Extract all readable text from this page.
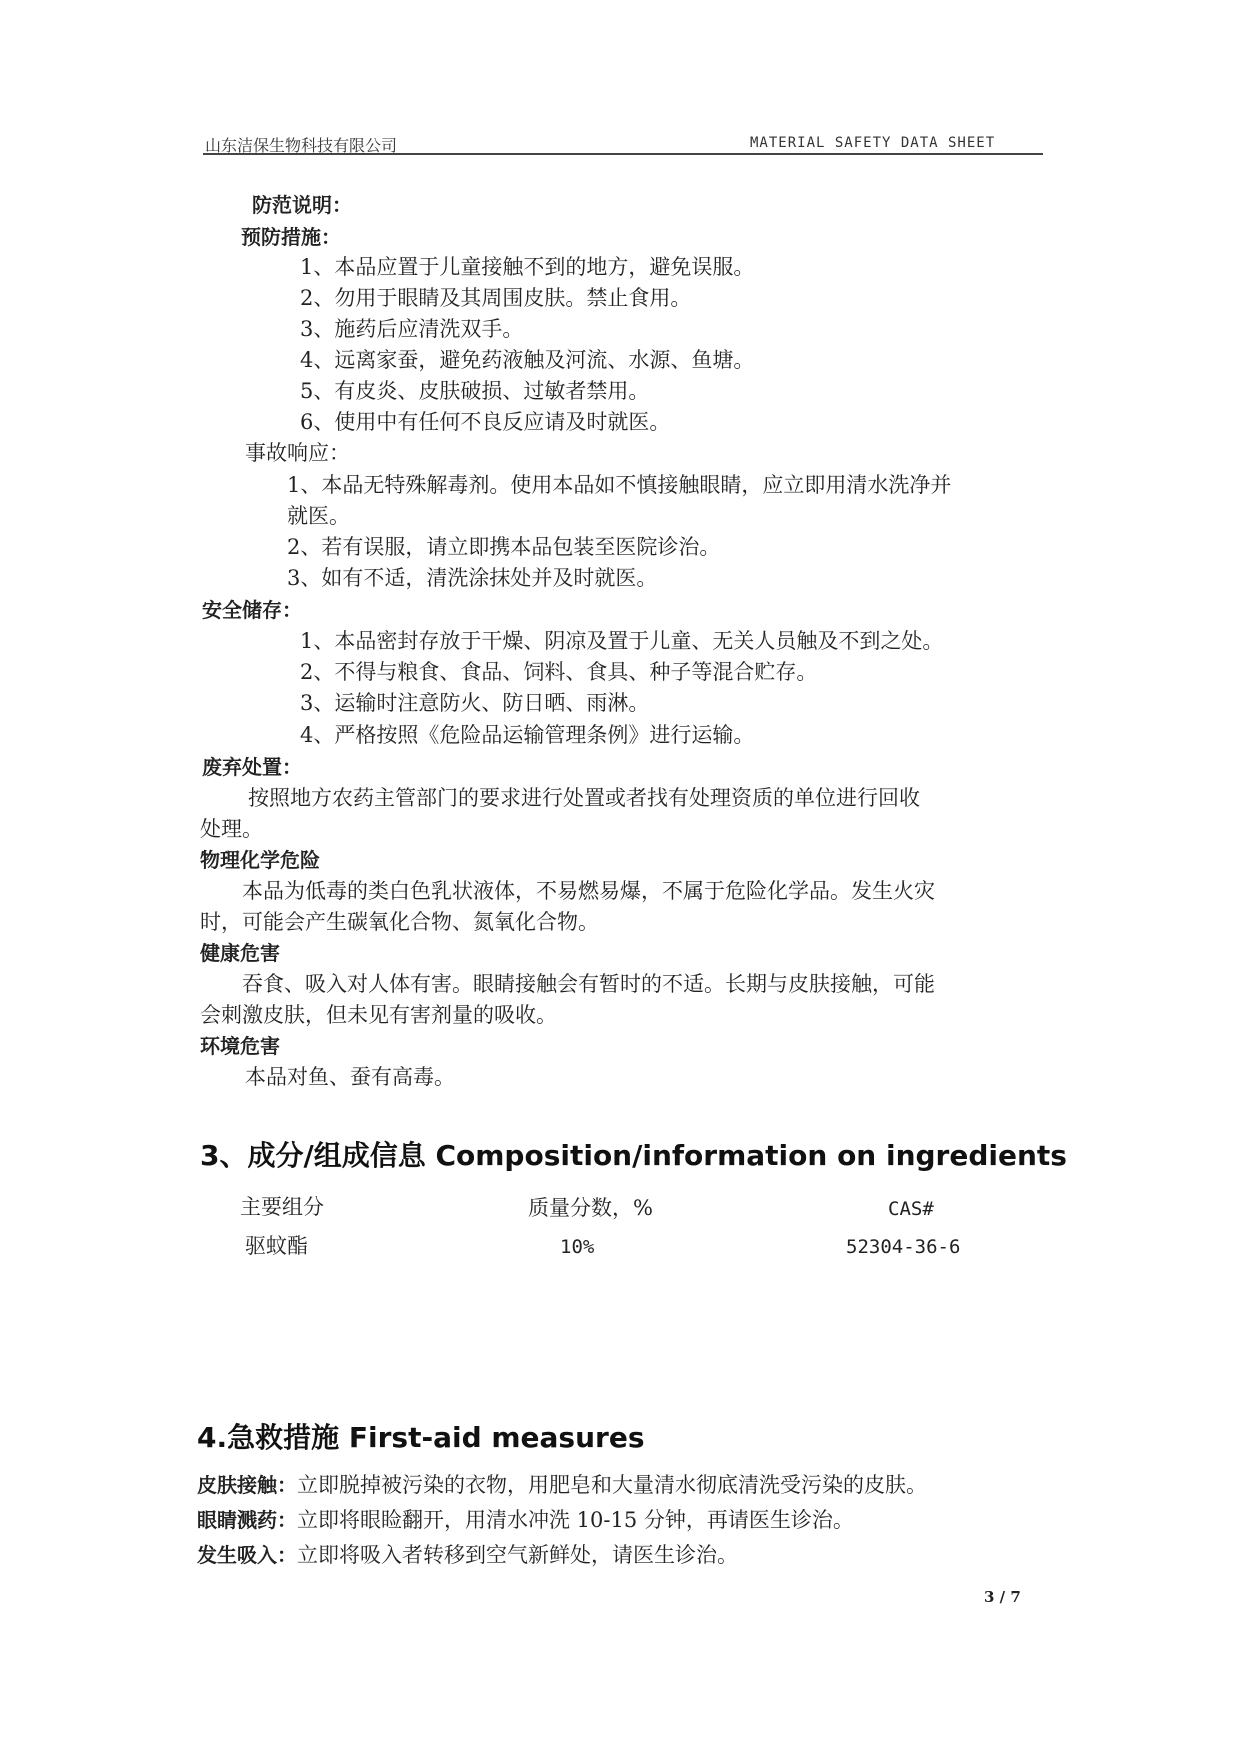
山东洁保生物科技有限公司	MATERIAL SAFETY DATA SHEET
防范说明：
预防措施：
1、本品应置于儿童接触不到的地方，避免误服。
2、勿用于眼睛及其周围皮肤。禁止食用。
3、施药后应清洗双手。
4、远离家蚕，避免药液触及河流、水源、鱼塘。
5、有皮炎、皮肤破损、过敏者禁用。
6、使用中有任何不良反应请及时就医。
事故响应：
1、本品无特殊解毒剂。使用本品如不慎接触眼睛，应立即用清水洗净并
就医。
2、若有误服，请立即携本品包装至医院诊治。
3、如有不适，清洗涂抹处并及时就医。
安全储存：
1、本品密封存放于干燥、阴凉及置于儿童、无关人员触及不到之处。
2、不得与粮食、食品、饲料、食具、种子等混合贮存。
3、运输时注意防火、防日晒、雨淋。
4、严格按照《危险品运输管理条例》进行运输。
废弃处置：
按照地方农药主管部门的要求进行处置或者找有处理资质的单位进行回收
处理。
物理化学危险
本品为低毒的类白色乳状液体，不易燃易爆，不属于危险化学品。发生火灾
时，可能会产生碳氧化合物、氮氧化合物。
健康危害
吞食、吸入对人体有害。眼睛接触会有暂时的不适。长期与皮肤接触，可能
会刺激皮肤，但未见有害剂量的吸收。
环境危害
本品对鱼、蚕有高毒。
3、成分/组成信息 Composition/information on ingredients
主要组分	质量分数，%	CAS#
驱蚊酯	10%	52304-36-6
4.急救措施 First-aid measures
皮肤接触：立即脱掉被污染的衣物，用肥皂和大量清水彻底清洗受污染的皮肤。
眼睛溅药：立即将眼睑翻开，用清水冲洗 10-15 分钟，再请医生诊治。
发生吸入：立即将吸入者转移到空气新鲜处，请医生诊治。
3 / 7
